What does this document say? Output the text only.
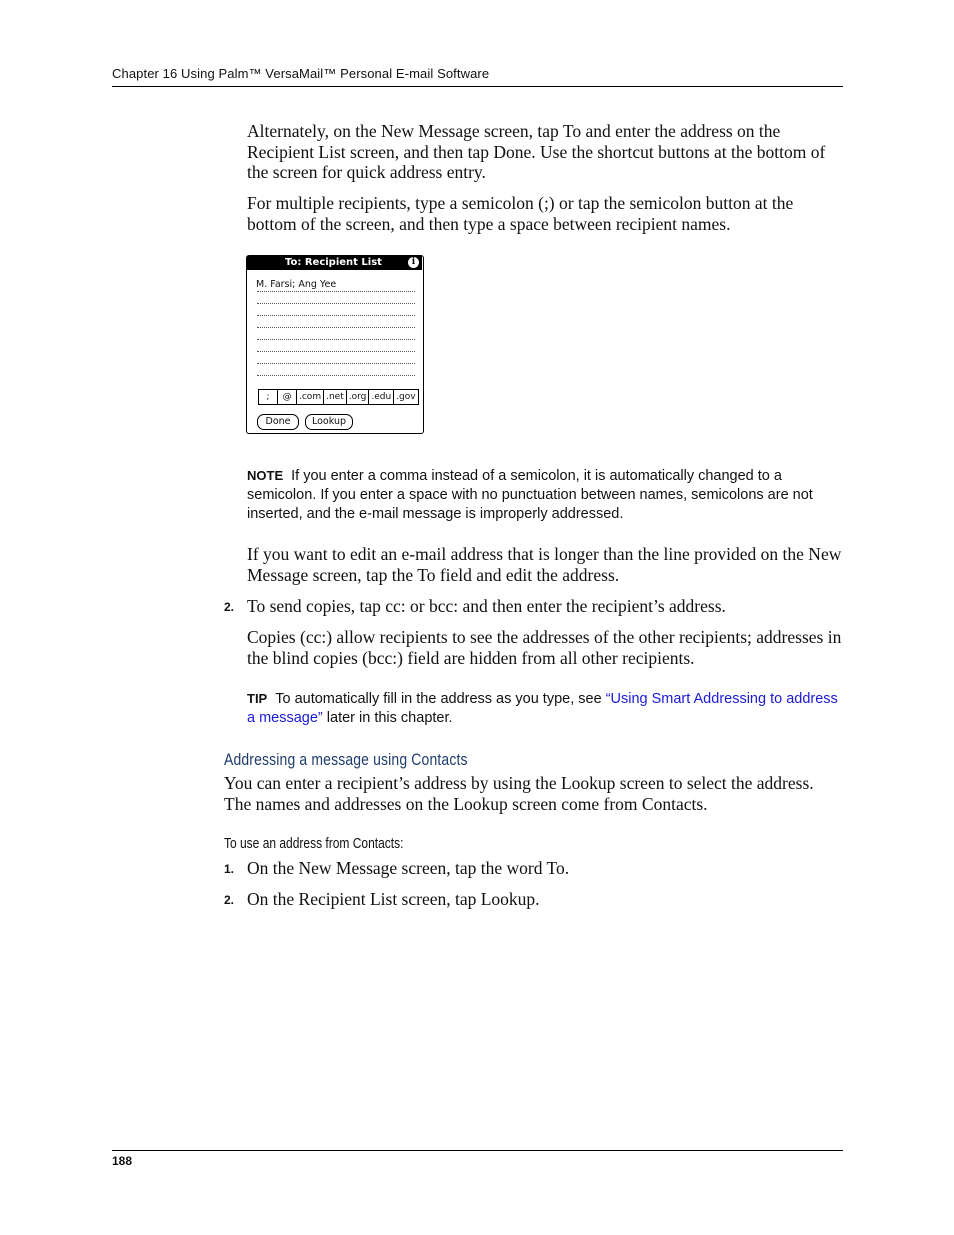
Chapter 16 Using Palm™ VersaMail™ Personal E-mail Software

Alternately, on the New Message screen, tap To and enter the address on the Recipient List screen, and then tap Done. Use the shortcut buttons at the bottom of the screen for quick address entry.

For multiple recipients, type a semicolon (;) or tap the semicolon button at the bottom of the screen, and then type a space between recipient names.

To: Recipient List	i
M. Farsi; Ang Yee
;	@ .com .net .org .edu .gov
Done	Lookup

NOTE If you enter a comma instead of a semicolon, it is automatically changed to a semicolon. If you enter a space with no punctuation between names, semicolons are not inserted, and the e-mail message is improperly addressed.

If you want to edit an e-mail address that is longer than the line provided on the New Message screen, tap the To field and edit the address.

2. To send copies, tap cc: or bcc: and then enter the recipient’s address.

Copies (cc:) allow recipients to see the addresses of the other recipients; addresses in the blind copies (bcc:) field are hidden from all other recipients.

TIP To automatically fill in the address as you type, see “Using Smart Addressing to address a message” later in this chapter.

Addressing a message using Contacts

You can enter a recipient’s address by using the Lookup screen to select the address. The names and addresses on the Lookup screen come from Contacts.

To use an address from Contacts:
1. On the New Message screen, tap the word To.

2. On the Recipient List screen, tap Lookup.

188
